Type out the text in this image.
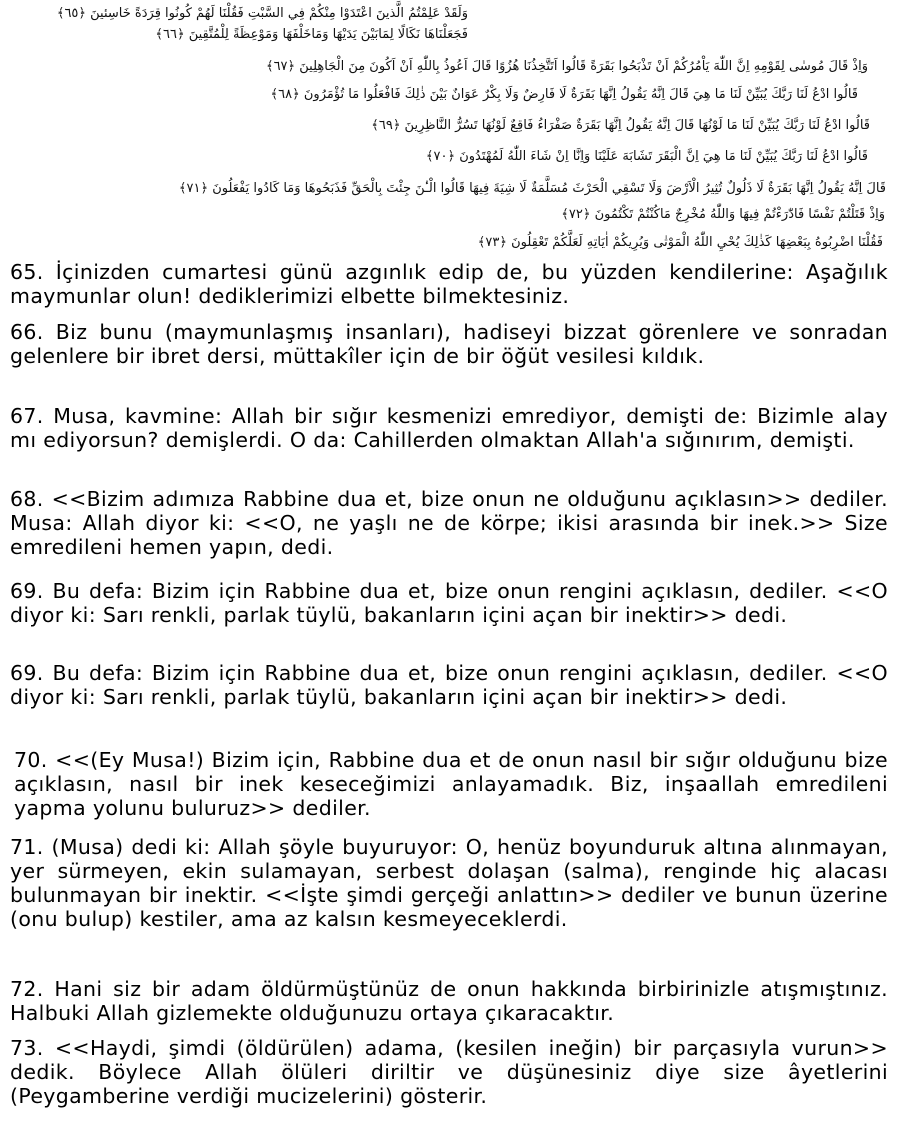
وَلَقَدْ عَلِمْتُمُ الَّذينَ اعْتَدَوْا مِنْكُمْ فِي السَّبْتِ فَقُلْنَا لَهُمْ كُونُوا قِرَدَةً خَاسِئينَ ﴿٦٥﴾
فَجَعَلْنَاهَا نَكَالًا لِمَابَيْنَ يَدَيْهَا وَمَاخَلْفَهَا وَمَوْعِظَةً لِلْمُتَّقِينَ ﴿٦٦﴾
وَاِذْ قَالَ مُوسٰى لِقَوْمِهِ اِنَّ اللّٰهَ يَاْمُرُكُمْ اَنْ تَذْبَحُوا بَقَرَةً قَالُوا اَتَتَّخِذُنَا هُزُوًا قَالَ اَعُوذُ بِاللّٰهِ اَنْ اَكُونَ مِنَ الْجَاهِلِينَ ﴿٦٧﴾
قَالُوا ادْعُ لَنَا رَبَّكَ يُبَيِّنْ لَنَا مَا هِيَ قَالَ اِنَّهُ يَقُولُ اِنَّهَا بَقَرَةٌ لَا فَارِضٌ وَلَا بِكْرٌ عَوَانٌ بَيْنَ ذٰلِكَ فَافْعَلُوا مَا تُؤْمَرُونَ ﴿٦٨﴾
قَالُوا ادْعُ لَنَا رَبَّكَ يُبَيِّنْ لَنَا مَا لَوْنُهَا قَالَ اِنَّهُ يَقُولُ اِنَّهَا بَقَرَةٌ صَفْرَاءُ فَاقِعٌ لَوْنُهَا تَسُرُّ النَّاظِرِينَ ﴿٦٩﴾
قَالُوا ادْعُ لَنَا رَبَّكَ يُبَيِّنْ لَنَا مَا هِيَ اِنَّ الْبَقَرَ تَشَابَهَ عَلَيْنَا وَاِنَّا اِنْ شَاءَ اللّٰهُ لَمُهْتَدُونَ ﴿٧٠﴾
قَالَ اِنَّهُ يَقُولُ اِنَّهَا بَقَرَةٌ لَا ذَلُولٌ تُثِيرُ الْاَرْضَ وَلَا تَسْقِي الْحَرْثَ مُسَلَّمَةٌ لَا شِيَةَ فِيهَا قَالُوا الْـٰٔنَ جِئْتَ بِالْحَقِّ فَذَبَحُوهَا وَمَا كَادُوا يَفْعَلُونَ ﴿٧١﴾
وَاِذْ قَتَلْتُمْ نَفْسًا فَادّٰرَءْتُمْ فِيهَا وَاللّٰهُ مُخْرِجٌ مَاكُنْتُمْ تَكْتُمُونَ ﴿٧٢﴾
فَقُلْنَا اضْرِبُوهُ بِبَعْضِهَا كَذٰلِكَ يُحْيِ اللّٰهُ الْمَوْتٰى وَيُرِيكُمْ اٰيَاتِهِ لَعَلَّكُمْ تَعْقِلُونَ ﴿٧٣﴾

65. İçinizden cumartesi günü azgınlık edip de, bu yüzden kendilerine: Aşağılık maymunlar olun! dediklerimizi elbette bilmektesiniz.

66. Biz bunu (maymunlaşmış insanları), hadiseyi bizzat görenlere ve sonradan gelenlere bir ibret dersi, müttakîler için de bir öğüt vesilesi kıldık.

67. Musa, kavmine: Allah bir sığır kesmenizi emrediyor, demişti de: Bizimle alay mı ediyorsun? demişlerdi. O da: Cahillerden olmaktan Allah'a sığınırım, demişti.

68. <<Bizim adımıza Rabbine dua et, bize onun ne olduğunu açıklasın>> dediler. Musa: Allah diyor ki: <<O, ne yaşlı ne de körpe; ikisi arasında bir inek.>> Size emredileni hemen yapın, dedi.

69. Bu defa: Bizim için Rabbine dua et, bize onun rengini açıklasın, dediler. <<O diyor ki: Sarı renkli, parlak tüylü, bakanların içini açan bir inektir>> dedi.

69. Bu defa: Bizim için Rabbine dua et, bize onun rengini açıklasın, dediler. <<O diyor ki: Sarı renkli, parlak tüylü, bakanların içini açan bir inektir>> dedi.

70. <<(Ey Musa!) Bizim için, Rabbine dua et de onun nasıl bir sığır olduğunu bize açıklasın, nasıl bir inek keseceğimizi anlayamadık. Biz, inşaallah emredileni yapma yolunu buluruz>> dediler.

71. (Musa) dedi ki: Allah şöyle buyuruyor: O, henüz boyunduruk altına alınmayan, yer sürmeyen, ekin sulamayan, serbest dolaşan (salma), renginde hiç alacası bulunmayan bir inektir. <<İşte şimdi gerçeği anlattın>> dediler ve bunun üzerine (onu bulup) kestiler, ama az kalsın kesmeyeceklerdi.

72. Hani siz bir adam öldürmüştünüz de onun hakkında birbirinizle atışmıştınız. Halbuki Allah gizlemekte olduğunuzu ortaya çıkaracaktır.

73. <<Haydi, şimdi (öldürülen) adama, (kesilen ineğin) bir parçasıyla vurun>> dedik. Böylece Allah ölüleri diriltir ve düşünesiniz diye size âyetlerini (Peygamberine verdiği mucizelerini) gösterir.
